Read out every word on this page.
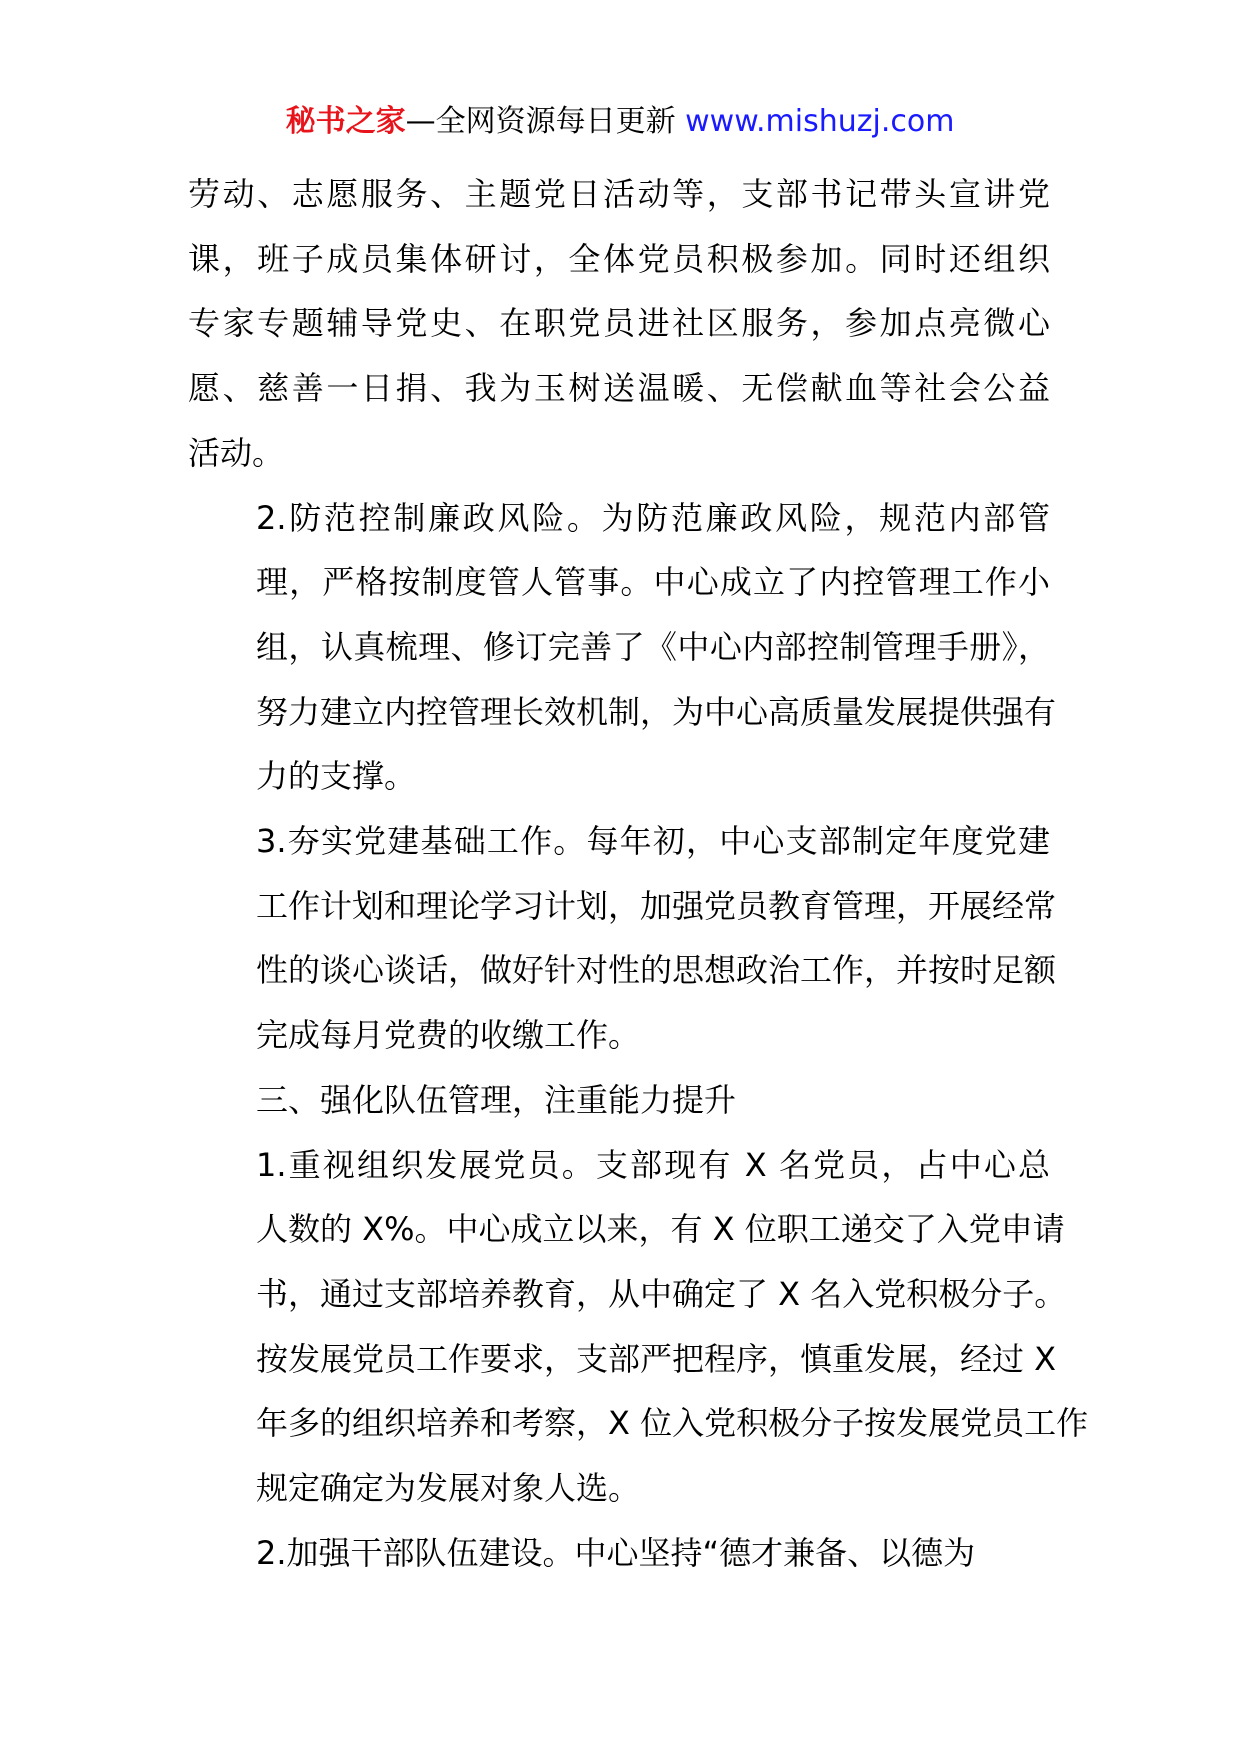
秘书之家—全网资源每日更新 www.mishuzj.com
劳动、志愿服务、主题党日活动等，支部书记带头宣讲党
课，班子成员集体研讨，全体党员积极参加。同时还组织
专家专题辅导党史、在职党员进社区服务，参加点亮微心
愿、慈善一日捐、我为玉树送温暖、无偿献血等社会公益
活动。
2.防范控制廉政风险。为防范廉政风险，规范内部管
理，严格按制度管人管事。中心成立了内控管理工作小
组，认真梳理、修订完善了《中心内部控制管理手册》，
努力建立内控管理长效机制，为中心高质量发展提供强有
力的支撑。
3.夯实党建基础工作。每年初，中心支部制定年度党建
工作计划和理论学习计划，加强党员教育管理，开展经常
性的谈心谈话，做好针对性的思想政治工作，并按时足额
完成每月党费的收缴工作。
三、强化队伍管理，注重能力提升
1.重视组织发展党员。支部现有 X 名党员，占中心总
人数的 X%。中心成立以来，有 X 位职工递交了入党申请
书，通过支部培养教育，从中确定了 X 名入党积极分子。
按发展党员工作要求，支部严把程序，慎重发展，经过 X
年多的组织培养和考察，X 位入党积极分子按发展党员工作
规定确定为发展对象人选。
2.加强干部队伍建设。中心坚持“德才兼备、以德为
